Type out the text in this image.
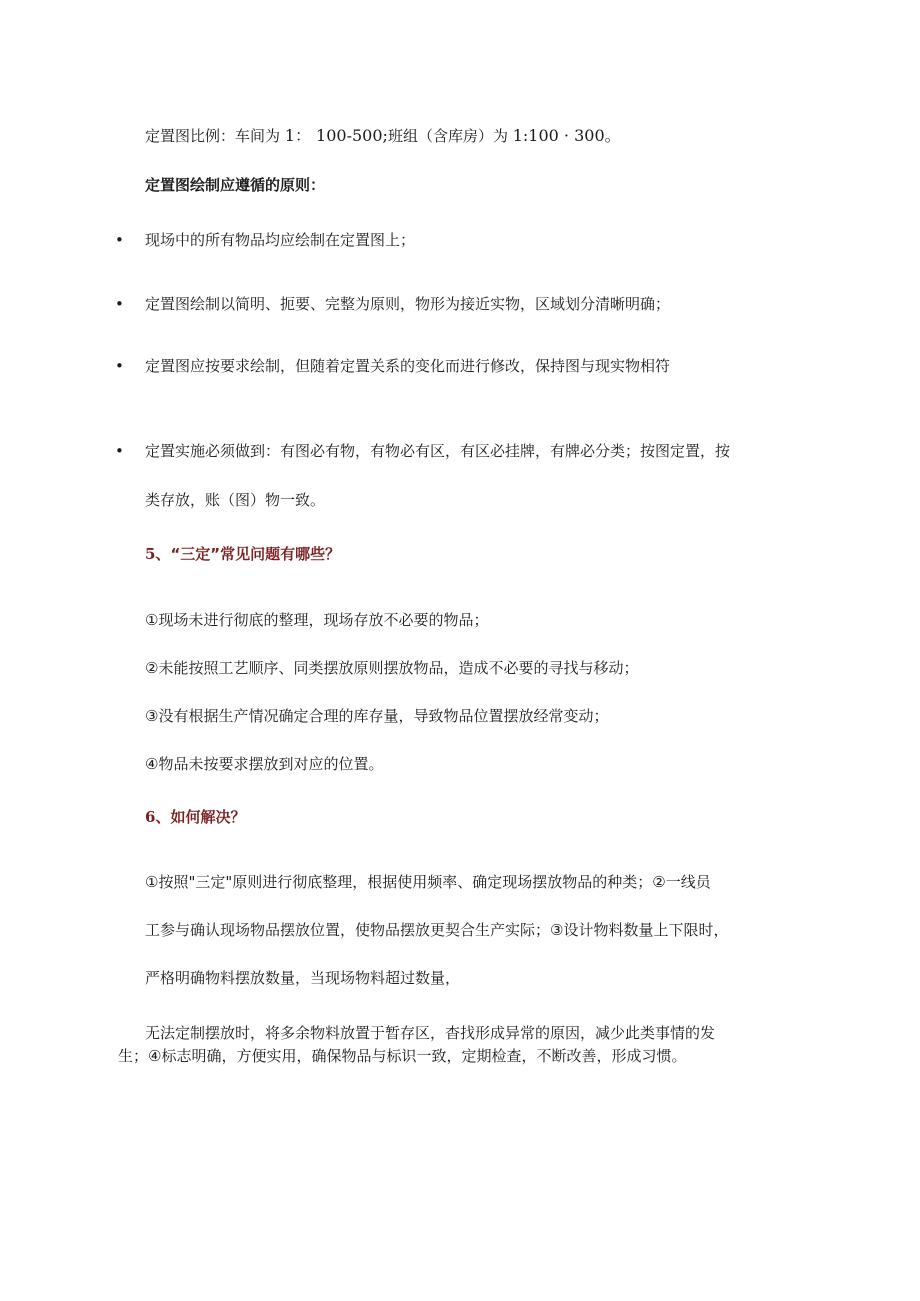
定置图比例：车间为 1： 100-500;班组（含库房）为 1:100 · 300。
定置图绘制应遵循的原则：
• 现场中的所有物品均应绘制在定置图上；
• 定置图绘制以简明、扼要、完整为原则，物形为接近实物，区域划分清晰明确；
• 定置图应按要求绘制，但随着定置关系的变化而进行修改，保持图与现实物相符
• 定置实施必须做到：有图必有物，有物必有区，有区必挂牌，有牌必分类；按图定置，按
类存放，账（图）物一致。
5、“三定”常见问题有哪些？
①现场未进行彻底的整理，现场存放不必要的物品；
②未能按照工艺顺序、同类摆放原则摆放物品，造成不必要的寻找与移动；
③没有根据生产情况确定合理的库存量，导致物品位置摆放经常变动；
④物品未按要求摆放到对应的位置。
6、如何解决？
①按照"三定"原则进行彻底整理，根据使用频率、确定现场摆放物品的种类；②一线员
工参与确认现场物品摆放位置，使物品摆放更契合生产实际；③设计物料数量上下限时，
严格明确物料摆放数量，当现场物料超过数量，
无法定制摆放时，将多余物料放置于暂存区，杳找形成异常的原因，减少此类事情的发
生；④标志明确，方便实用，确保物品与标识一致，定期检查，不断改善，形成习惯。
